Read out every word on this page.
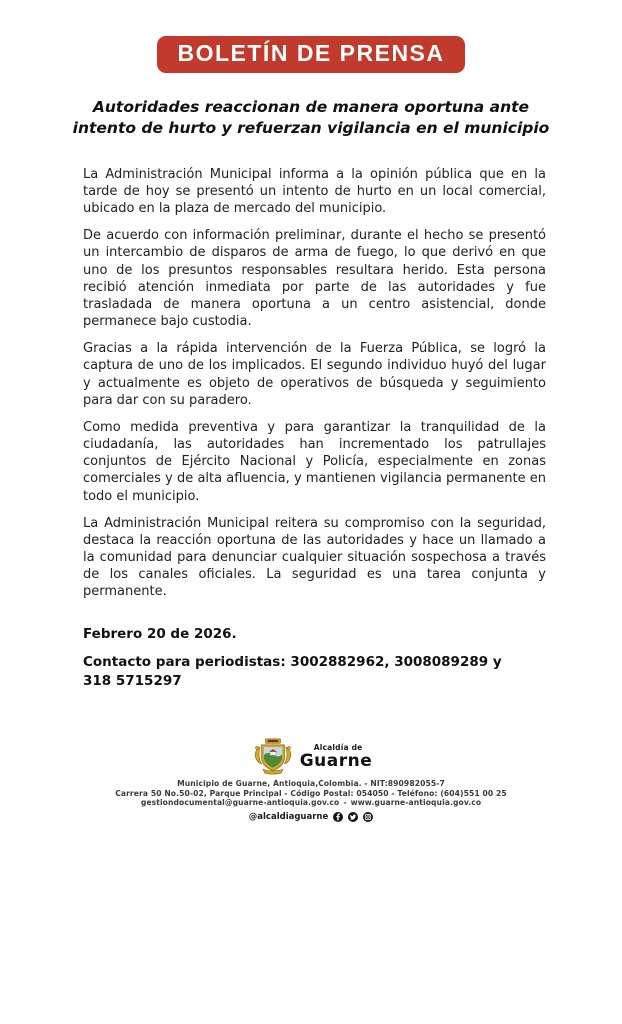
BOLETÍN DE PRENSA
Autoridades reaccionan de manera oportuna ante intento de hurto y refuerzan vigilancia en el municipio

La Administración Municipal informa a la opinión pública que en la tarde de hoy se presentó un intento de hurto en un local comercial, ubicado en la plaza de mercado del municipio.

De acuerdo con información preliminar, durante el hecho se presentó un intercambio de disparos de arma de fuego, lo que derivó en que uno de los presuntos responsables resultara herido. Esta persona recibió atención inmediata por parte de las autoridades y fue trasladada de manera oportuna a un centro asistencial, donde permanece bajo custodia.

Gracias a la rápida intervención de la Fuerza Pública, se logró la captura de uno de los implicados. El segundo individuo huyó del lugar y actualmente es objeto de operativos de búsqueda y seguimiento para dar con su paradero.

Como medida preventiva y para garantizar la tranquilidad de la ciudadanía, las autoridades han incrementado los patrullajes conjuntos de Ejército Nacional y Policía, especialmente en zonas comerciales y de alta afluencia, y mantienen vigilancia permanente en todo el municipio.

La Administración Municipal reitera su compromiso con la seguridad, destaca la reacción oportuna de las autoridades y hace un llamado a la comunidad para denunciar cualquier situación sospechosa a través de los canales oficiales. La seguridad es una tarea conjunta y permanente.

Febrero 20 de 2026.
Contacto para periodistas: 3002882962, 3008089289 y 318 5715297
Alcaldía de
Guarne
Municipio de Guarne, Antioquia,Colombia. - NIT:890982055-7
Carrera 50 No.50-02, Parque Principal - Código Postal: 054050 - Teléfono: (604)551 00 25
gestiondocumental@guarne-antioquia.gov.co - www.guarne-antioquia.gov.co
@alcaldiaguarne
